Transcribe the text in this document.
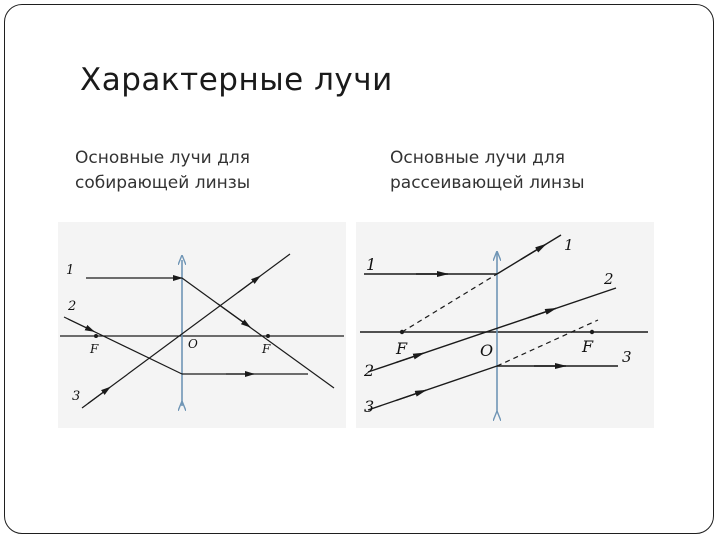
Характерные лучи
Основные лучи для собирающей линзы
Основные лучи для рассеивающей линзы
1
2
3
F	O	F
1
2
3
F	O	F
1
2
3
